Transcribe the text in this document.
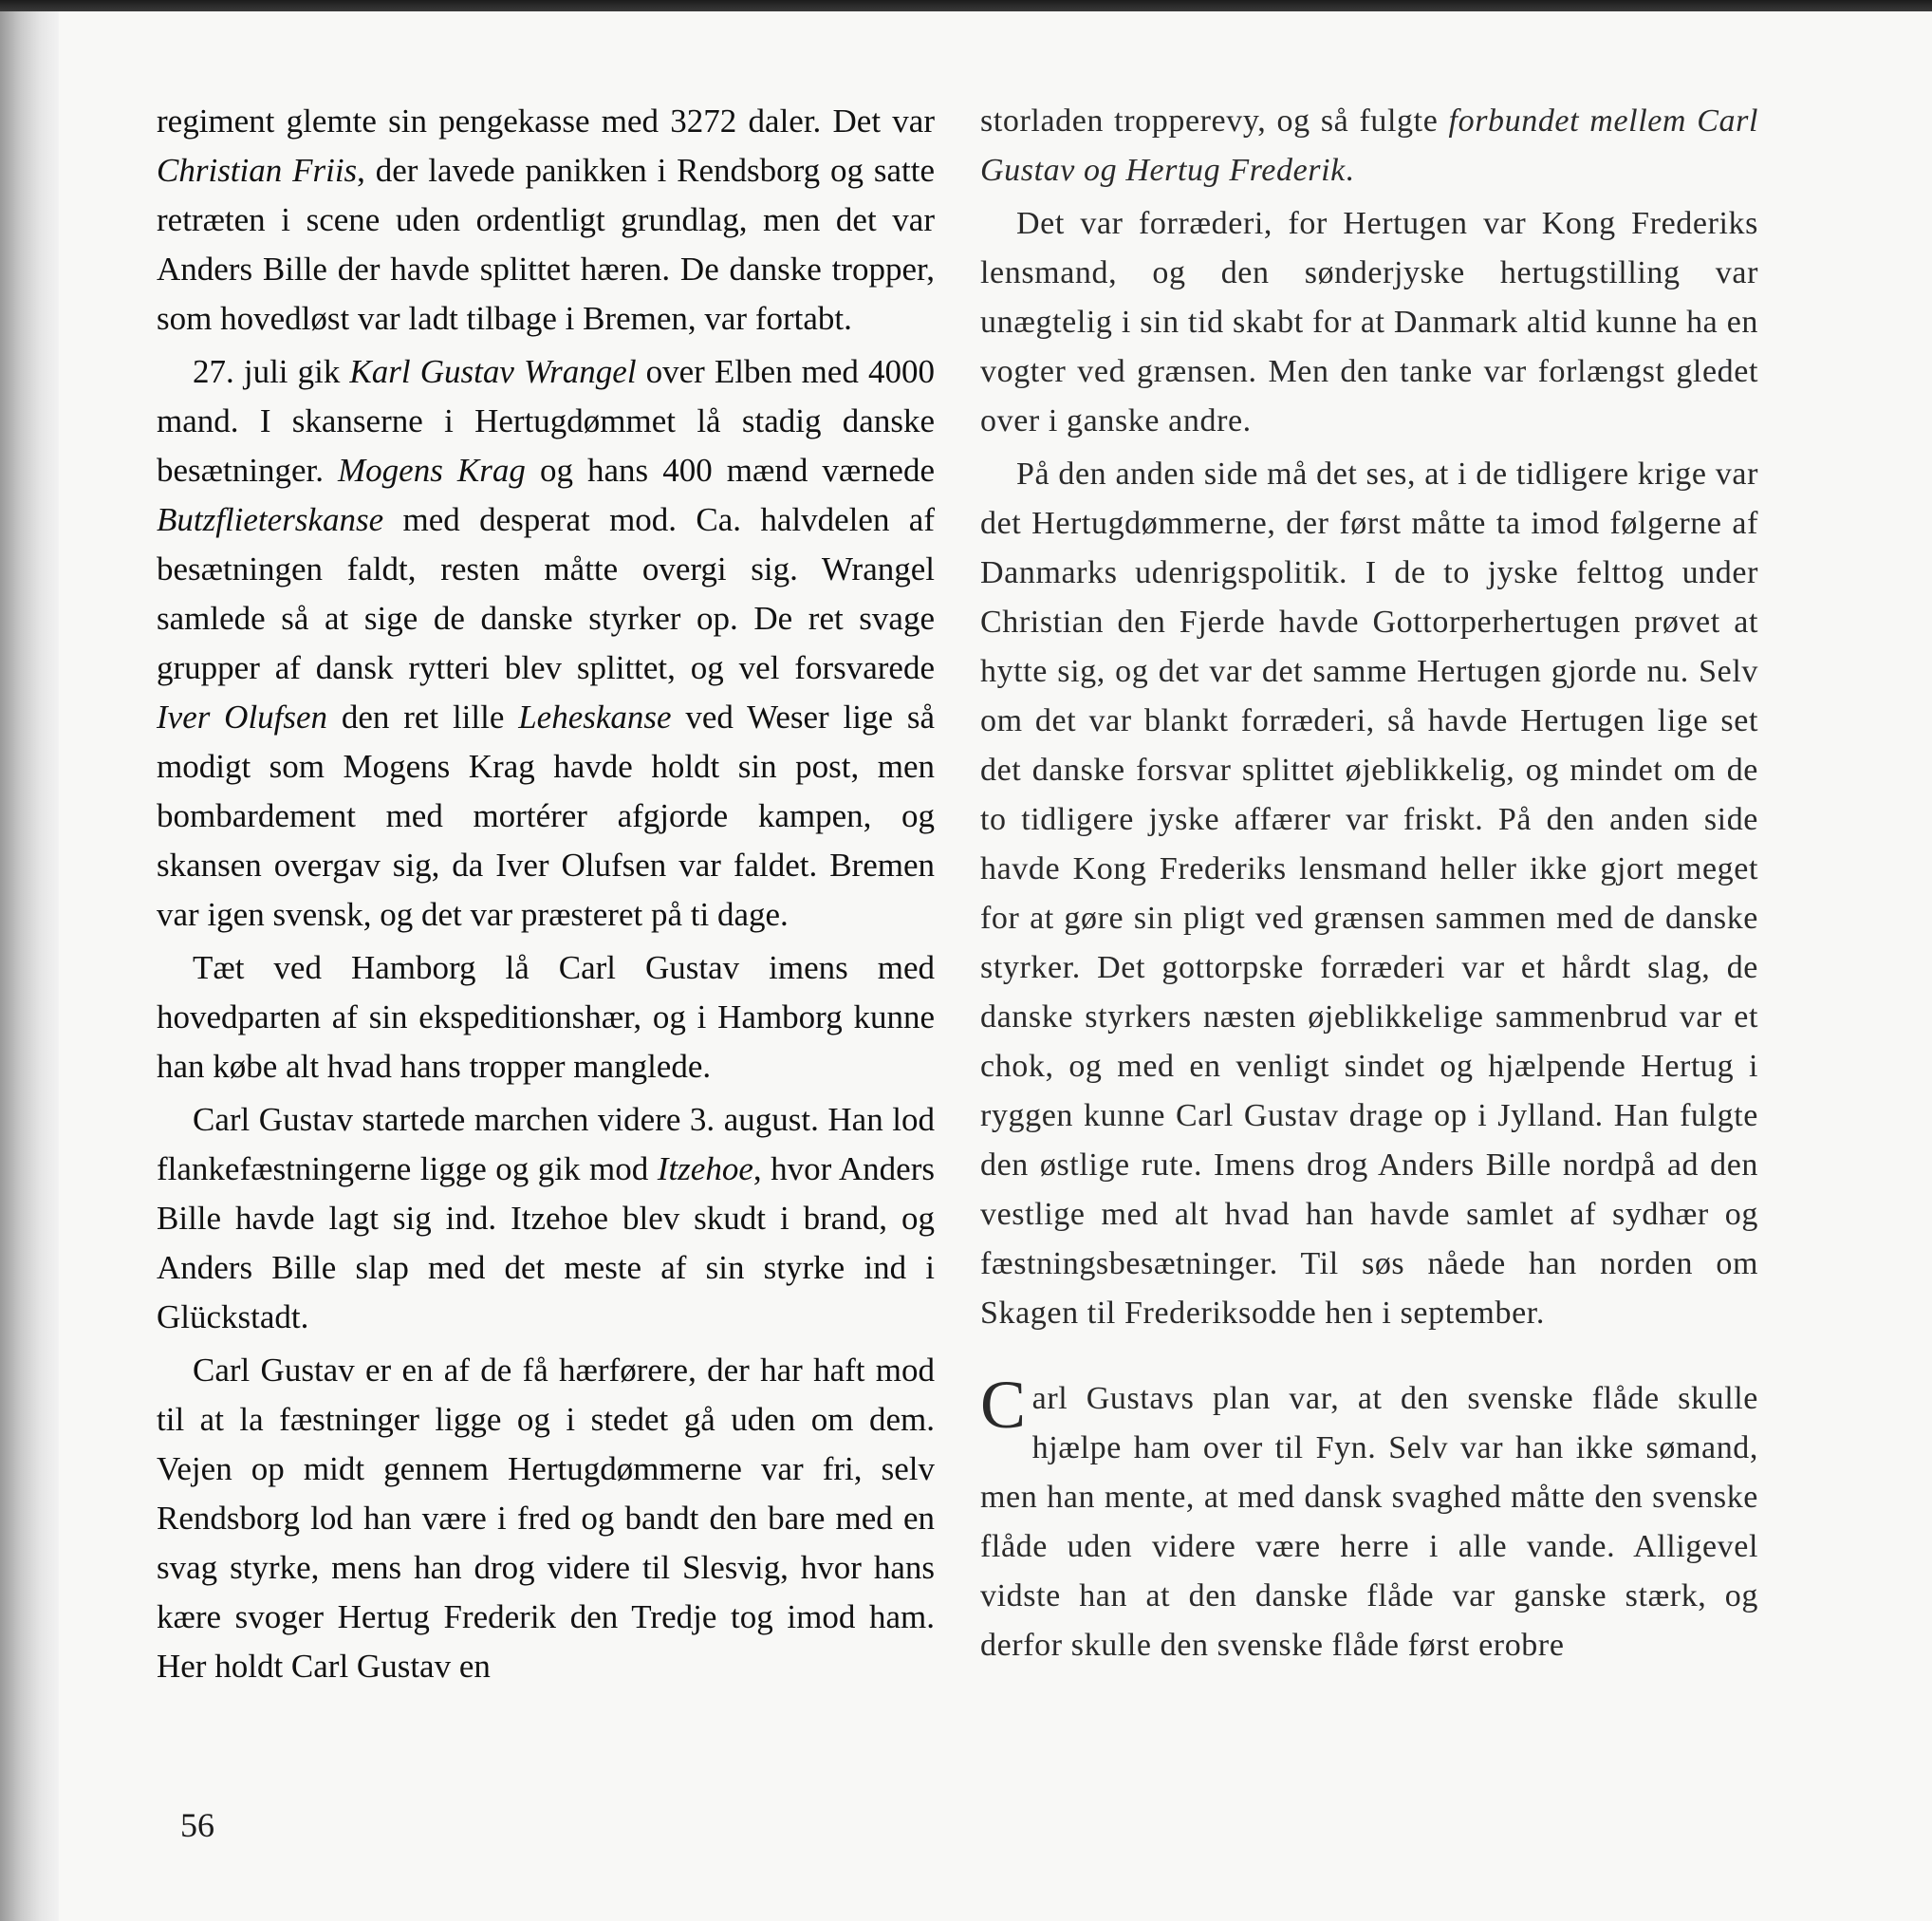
regiment glemte sin pengekasse med 3272 daler. Det var Christian Friis, der lavede panikken i Rendsborg og satte retræten i scene uden ordentligt grundlag, men det var Anders Bille der havde splittet hæren. De danske tropper, som hovedløst var ladt tilbage i Bremen, var fortabt.

27. juli gik Karl Gustav Wrangel over Elben med 4000 mand. I skanserne i Hertugdømmet lå stadig danske besætninger. Mogens Krag og hans 400 mænd værnede Butzflieterskanse med desperat mod. Ca. halvdelen af besætningen faldt, resten måtte overgi sig. Wrangel samlede så at sige de danske styrker op. De ret svage grupper af dansk rytteri blev splittet, og vel forsvarede Iver Olufsen den ret lille Leheskanse ved Weser lige så modigt som Mogens Krag havde holdt sin post, men bombardement med mortérer afgjorde kampen, og skansen overgav sig, da Iver Olufsen var faldet. Bremen var igen svensk, og det var præsteret på ti dage.

Tæt ved Hamborg lå Carl Gustav imens med hovedparten af sin ekspeditionshær, og i Hamborg kunne han købe alt hvad hans tropper manglede.

Carl Gustav startede marchen videre 3. august. Han lod flankefæstningerne ligge og gik mod Itzehoe, hvor Anders Bille havde lagt sig ind. Itzehoe blev skudt i brand, og Anders Bille slap med det meste af sin styrke ind i Glückstadt.

Carl Gustav er en af de få hærførere, der har haft mod til at la fæstninger ligge og i stedet gå uden om dem. Vejen op midt gennem Hertugdømmerne var fri, selv Rendsborg lod han være i fred og bandt den bare med en svag styrke, mens han drog videre til Slesvig, hvor hans kære svoger Hertug Frederik den Tredje tog imod ham. Her holdt Carl Gustav en

storladen tropperevy, og så fulgte forbundet mellem Carl Gustav og Hertug Frederik.

Det var forræderi, for Hertugen var Kong Frederiks lensmand, og den sønderjyske hertugstilling var unægtelig i sin tid skabt for at Danmark altid kunne ha en vogter ved grænsen. Men den tanke var forlængst gledet over i ganske andre.

På den anden side må det ses, at i de tidligere krige var det Hertugdømmerne, der først måtte ta imod følgerne af Danmarks udenrigspolitik. I de to jyske felttog under Christian den Fjerde havde Gottorperhertugen prøvet at hytte sig, og det var det samme Hertugen gjorde nu. Selv om det var blankt forræderi, så havde Hertugen lige set det danske forsvar splittet øjeblikkelig, og mindet om de to tidligere jyske affærer var friskt. På den anden side havde Kong Frederiks lensmand heller ikke gjort meget for at gøre sin pligt ved grænsen sammen med de danske styrker. Det gottorpske forræderi var et hårdt slag, de danske styrkers næsten øjeblikkelige sammenbrud var et chok, og med en venligt sindet og hjælpende Hertug i ryggen kunne Carl Gustav drage op i Jylland. Han fulgte den østlige rute. Imens drog Anders Bille nordpå ad den vestlige med alt hvad han havde samlet af sydhær og fæstningsbesætninger. Til søs nåede han norden om Skagen til Frederiksodde hen i september.

Carl Gustavs plan var, at den svenske flåde skulle hjælpe ham over til Fyn. Selv var han ikke sømand, men han mente, at med dansk svaghed måtte den svenske flåde uden videre være herre i alle vande. Alligevel vidste han at den danske flåde var ganske stærk, og derfor skulle den svenske flåde først erobre

56
